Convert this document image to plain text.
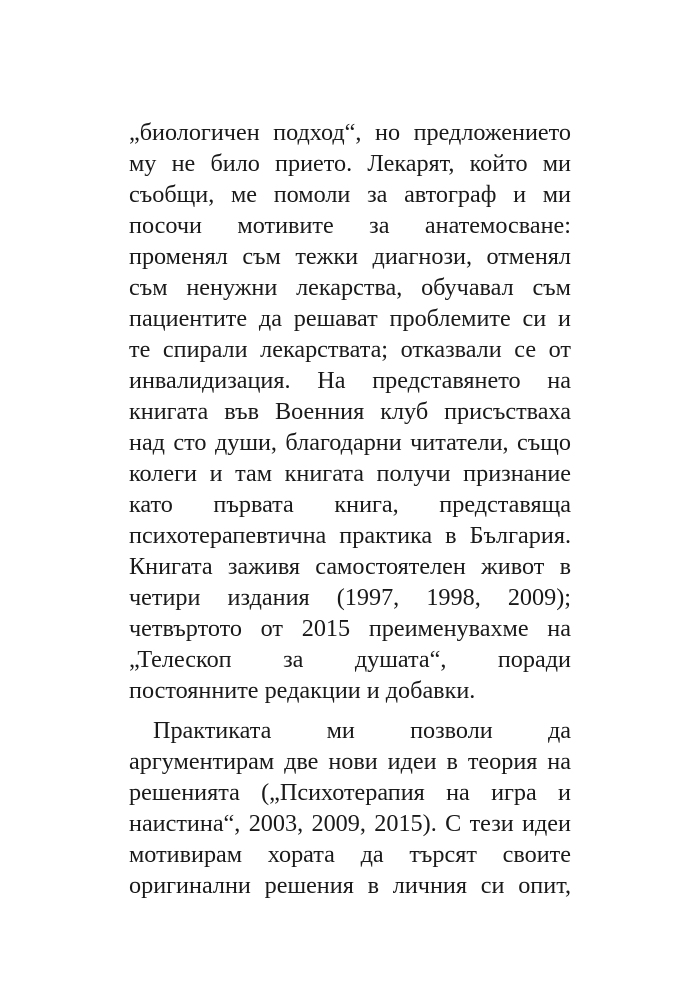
„биологичен подход“, но предложението
му не било прието. Лекарят, който ми
съобщи, ме помоли за автограф и ми
посочи мотивите за анатемосване:
променял съм тежки диагнози, отменял
съм ненужни лекарства, обучавал съм
пациентите да решават проблемите си и
те спирали лекарствата; отказвали се от
инвалидизация. На представянето на
книгата във Военния клуб присъстваха
над сто души, благодарни читатели, също
колеги и там книгата получи признание
като първата книга, представяща
психотерапевтична практика в България.
Книгата заживя самостоятелен живот в
четири издания (1997, 1998, 2009);
четвъртото от 2015 преименувахме на
„Телескоп за душата“, поради
постоянните редакции и добавки.
Практиката ми позволи да
аргументирам две нови идеи в теория на
решенията („Психотерапия на игра и
наистина“, 2003, 2009, 2015). С тези идеи
мотивирам хората да търсят своите
оригинални решения в личния си опит,
